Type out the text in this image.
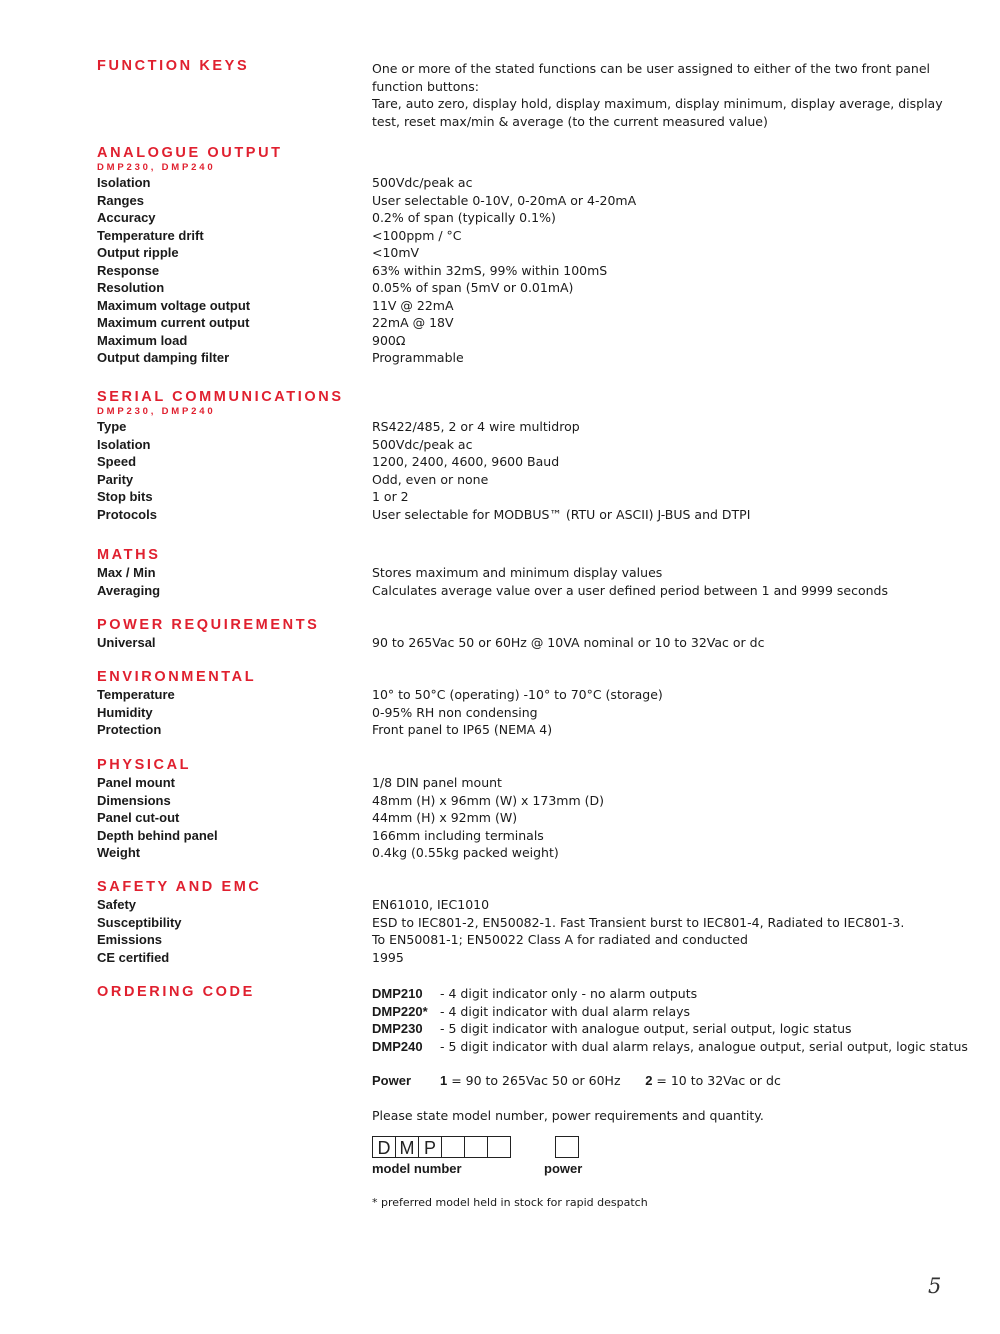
FUNCTION KEYS	One or more of the stated functions can be user assigned to either of the two front panel
function buttons:
Tare, auto zero, display hold, display maximum, display minimum, display average, display
test, reset max/min & average (to the current measured value)
ANALOGUE OUTPUT
DMP230, DMP240
Isolation	500Vdc/peak ac
Ranges	User selectable 0-10V, 0-20mA or 4-20mA
Accuracy	0.2% of span (typically 0.1%)
Temperature drift	<100ppm / °C
Output ripple	<10mV
Response	63% within 32mS, 99% within 100mS
Resolution	0.05% of span (5mV or 0.01mA)
Maximum voltage output	11V @ 22mA
Maximum current output	22mA @ 18V
Maximum load	900Ω
Output damping filter	Programmable
SERIAL COMMUNICATIONS
DMP230, DMP240
Type	RS422/485, 2 or 4 wire multidrop
Isolation	500Vdc/peak ac
Speed	1200, 2400, 4600, 9600 Baud
Parity	Odd, even or none
Stop bits	1 or 2
Protocols	User selectable for MODBUS™ (RTU or ASCII) J-BUS and DTPI
MATHS
Max / Min	Stores maximum and minimum display values
Averaging	Calculates average value over a user defined period between 1 and 9999 seconds
POWER REQUIREMENTS
Universal	90 to 265Vac 50 or 60Hz @ 10VA nominal or 10 to 32Vac or dc
ENVIRONMENTAL
Temperature	10° to 50°C (operating) -10° to 70°C (storage)
Humidity	0-95% RH non condensing
Protection	Front panel to IP65 (NEMA 4)
PHYSICAL
Panel mount	1/8 DIN panel mount
Dimensions	48mm (H) x 96mm (W) x 173mm (D)
Panel cut-out	44mm (H) x 92mm (W)
Depth behind panel	166mm including terminals
Weight	0.4kg (0.55kg packed weight)
SAFETY AND EMC
Safety	EN61010, IEC1010
Susceptibility	ESD to IEC801-2, EN50082-1. Fast Transient burst to IEC801-4, Radiated to IEC801-3.
Emissions	To EN50081-1; EN50022 Class A for radiated and conducted
CE certified	1995
ORDERING CODE	DMP210 - 4 digit indicator only - no alarm outputs
DMP220* - 4 digit indicator with dual alarm relays
DMP230 - 5 digit indicator with analogue output, serial output, logic status
DMP240 - 5 digit indicator with dual alarm relays, analogue output, serial output, logic status
Power 1 = 90 to 265Vac 50 or 60Hz 2 = 10 to 32Vac or dc
Please state model number, power requirements and quantity.
D M P
model number	power
* preferred model held in stock for rapid despatch
5
